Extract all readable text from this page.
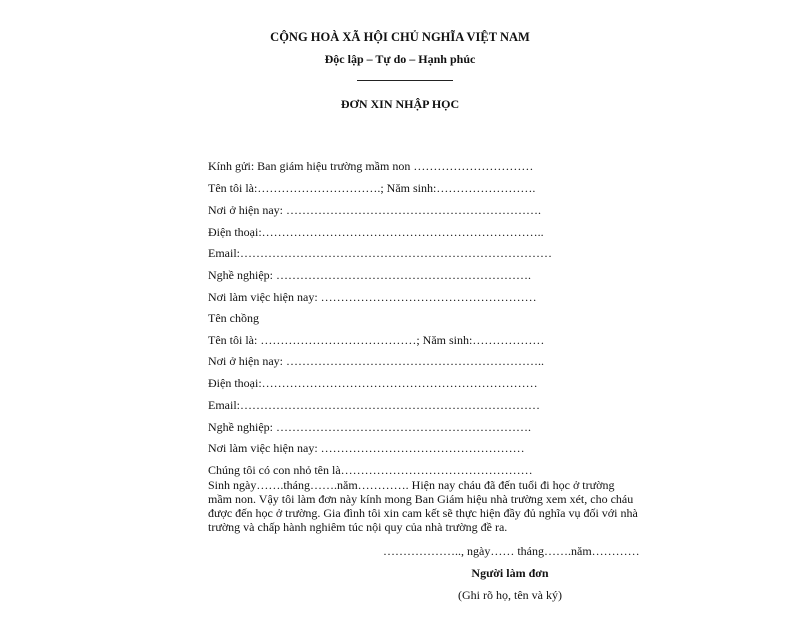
CỘNG HOÀ XÃ HỘI CHỦ NGHĨA VIỆT NAM
Độc lập – Tự do – Hạnh phúc
ĐƠN XIN NHẬP HỌC
Kính gửi: Ban giám hiệu trường mầm non …………………………
Tên tôi là:………………………….; Năm sinh:…………………….
Nơi ở hiện nay: ……………………………………………………….
Điện thoại:……………………………………………………………..
Email:……………………………………………………………………
Nghề nghiệp: ……………………………………………………….
Nơi làm việc hiện nay: ………………………………………………
Tên chồng
Tên tôi là: …………………………………; Năm sinh:………………
Nơi ở hiện nay: ………………………………………………………..
Điện thoại:……………………………………………………………
Email:…………………………………………………………………
Nghề nghiệp: ……………………………………………………….
Nơi làm việc hiện nay: ……………………………………………
Chúng tôi có con nhỏ tên là…………………………………………
Sinh ngày…….tháng…….năm…………. Hiện nay cháu đã đến tuổi đi học ở trường
mầm non. Vậy tôi làm đơn này kính mong Ban Giám hiệu nhà trường xem xét, cho cháu
được đến học ở trường. Gia đình tôi xin cam kết sẽ thực hiện đầy đủ nghĩa vụ đối với nhà
trường và chấp hành nghiêm túc nội quy của nhà trường đề ra.
……………….., ngày…… tháng…….năm…………
Người làm đơn
(Ghi rõ họ, tên và ký)
